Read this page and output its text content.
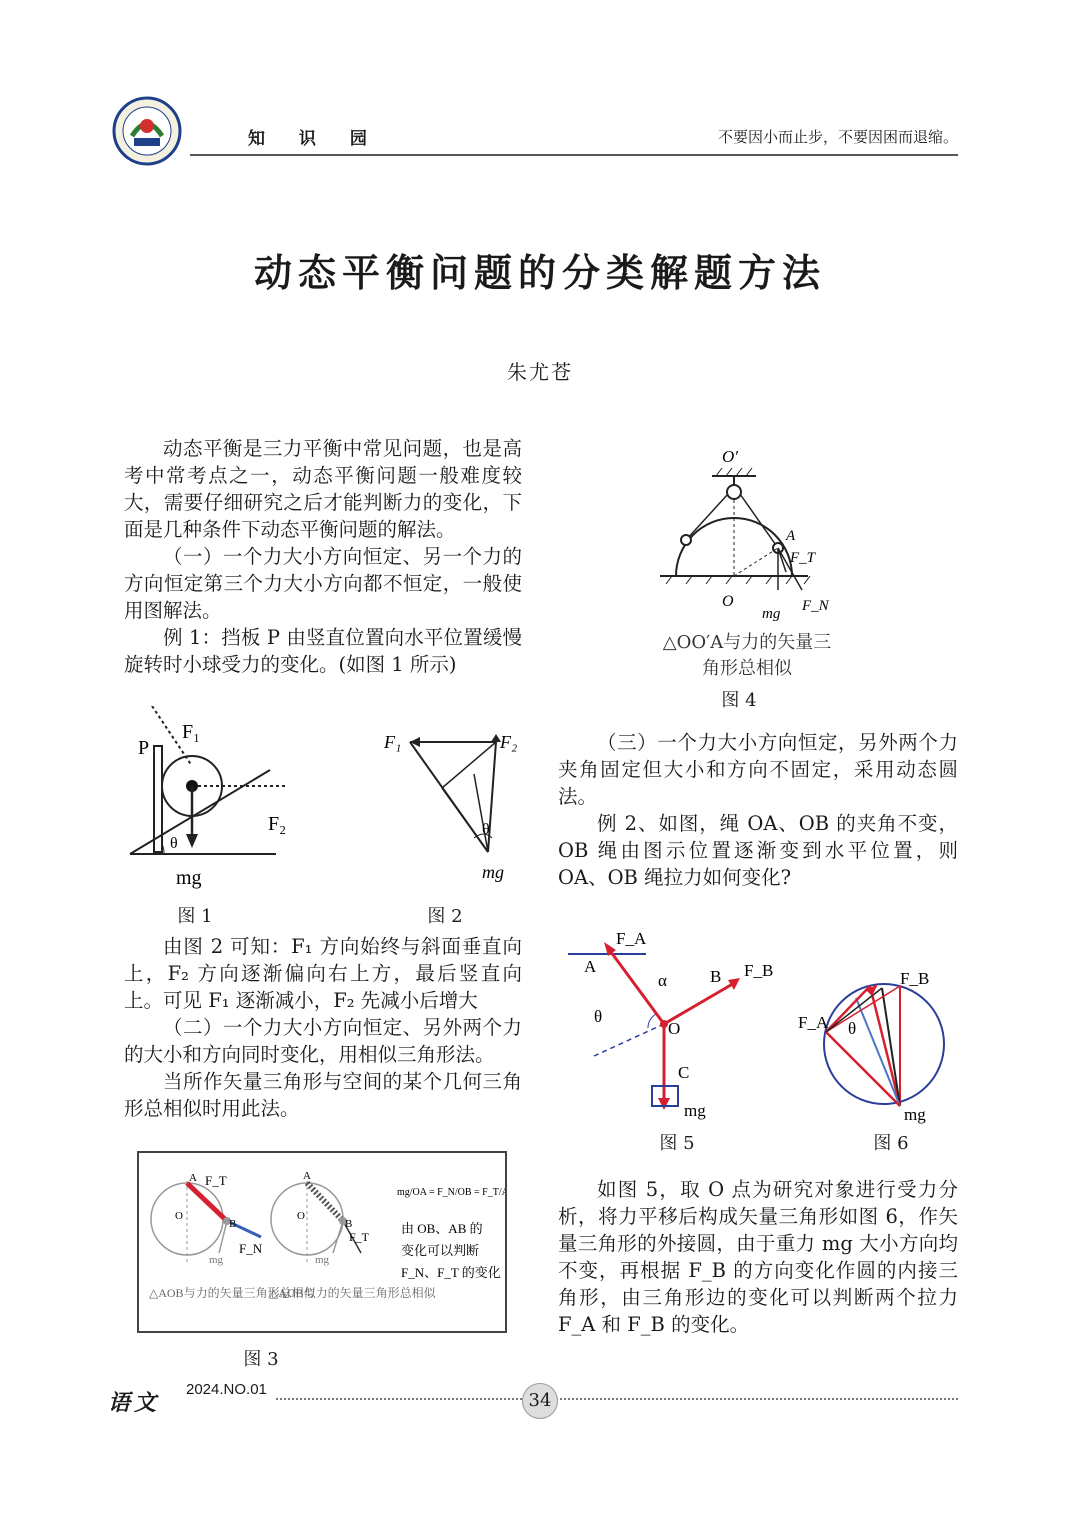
知 识 园	不要因小而止步，不要因困而退缩。
动态平衡问题的分类解题方法
朱尤苍

动态平衡是三力平衡中常见问题，也是高考中常考点之一，动态平衡问题一般难度较大，需要仔细研究之后才能判断力的变化，下面是几种条件下动态平衡问题的解法。

（一）一个力大小方向恒定、另一个力的方向恒定第三个力大小方向都不恒定，一般使用图解法。

例 1：挡板 P 由竖直位置向水平位置缓慢旋转时小球受力的变化。(如图 1 所示)

F₁
P
F₂
θ
mg
F₁	F₂
θ
mg
图 1	图 2

由图 2 可知：F₁ 方向始终与斜面垂直向上，F₂ 方向逐渐偏向右上方，最后竖直向上。可见 F₁ 逐渐减小，F₂ 先减小后增大

（二）一个力大小方向恒定、另外两个力的大小和方向同时变化，用相似三角形法。

当所作矢量三角形与空间的某个几何三角形总相似时用此法。

A F_T
O
B
F_N
mg
△AOB与力的矢量三角形总相似
A
O
B
F_T
mg
△AOB与力的矢量三角形总相似
mg/OA = F_N/OB = F_T/AB
由 OB、AB 的
变化可以判断
F_N、F_T 的变化
图 3
O′
A
F_T
O
mg F_N
△OO′A与力的矢量三角形总相似
图 4

（三）一个力大小方向恒定，另外两个力夹角固定但大小和方向不固定，采用动态圆法。

例 2、如图，绳 OA、OB 的夹角不变，OB 绳由图示位置逐渐变到水平位置，则 OA、OB 绳拉力如何变化?

F_A
A
α	B F_B
θ
O
C
mg
F_B
F_A θ
mg
图 5	图 6

如图 5，取 O 点为研究对象进行受力分析，将力平移后构成矢量三角形如图 6，作矢量三角形的外接圆，由于重力 mg 大小方向均不变，再根据 F_B 的方向变化作圆的内接三角形，由三角形边的变化可以判断两个拉力 F_A 和 F_B 的变化。

语文
2024.NO.01
34
